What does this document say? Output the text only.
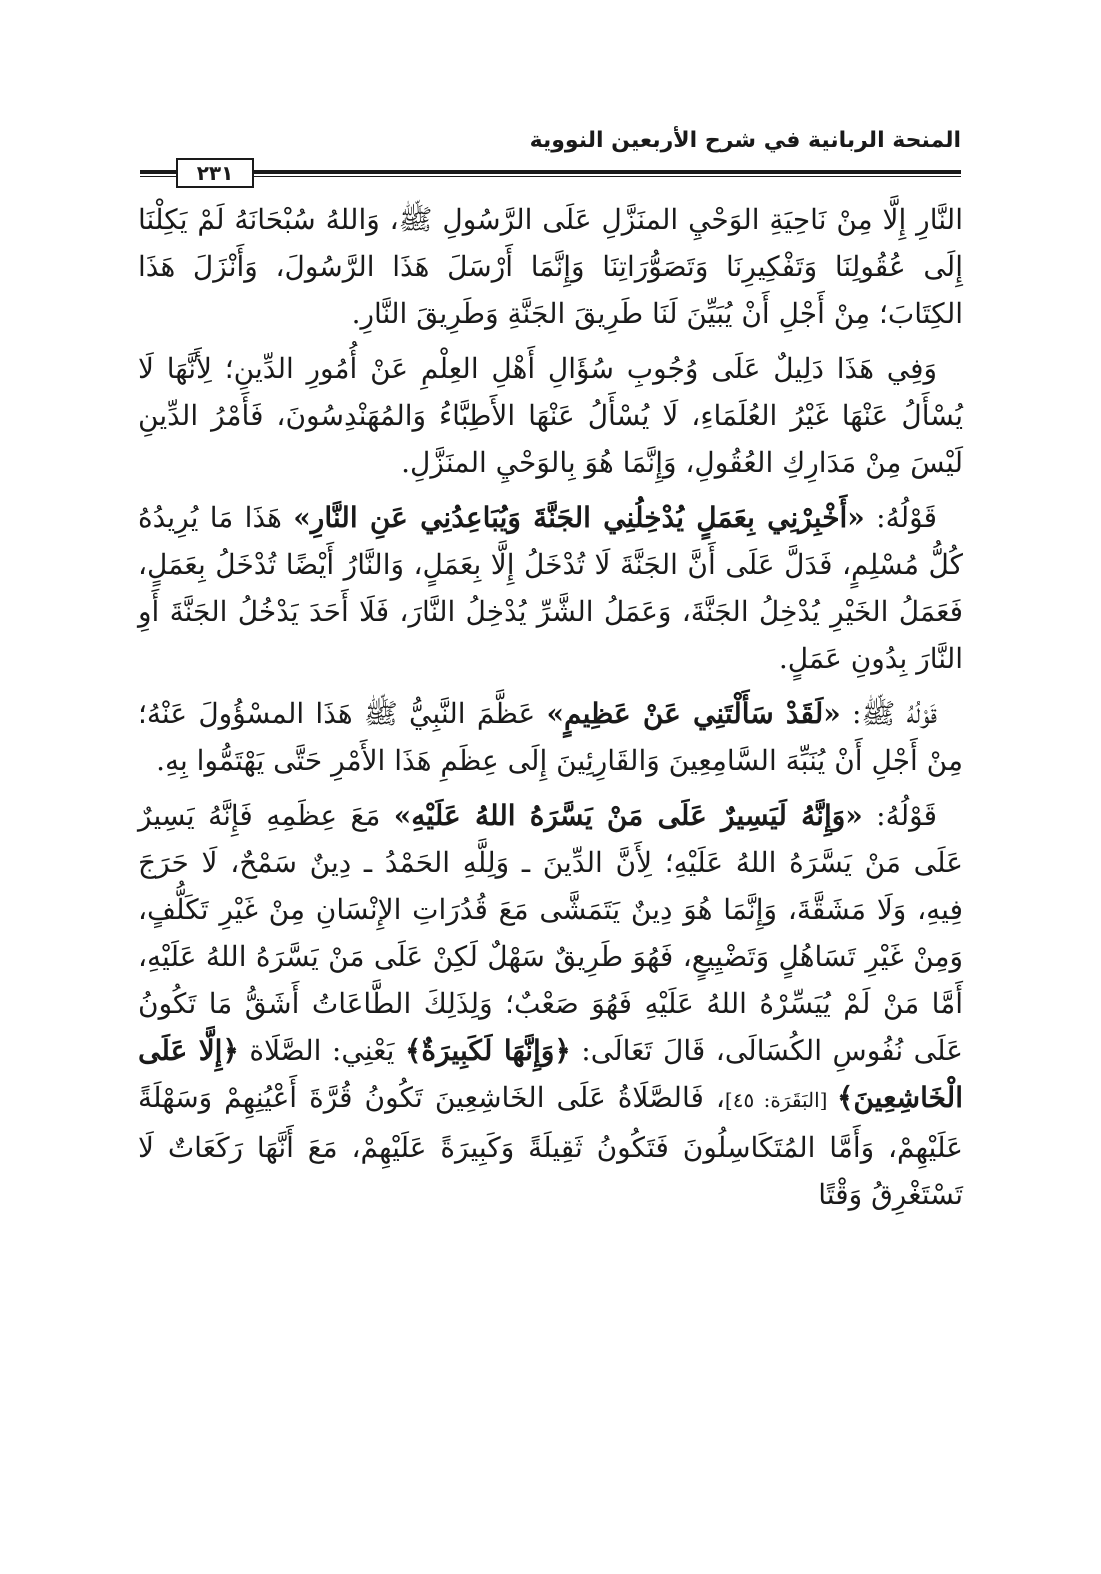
المنحة الربانية في شرح الأربعين النووية
٢٣١

النَّارِ إِلَّا مِنْ نَاحِيَةِ الوَحْيِ المنَزَّلِ عَلَى الرَّسُولِ ﷺ، وَاللهُ سُبْحَانَهُ لَمْ يَكِلْنَا إِلَى عُقُولِنَا وَتَفْكِيرِنَا وَتَصَوُّرَاتِنَا وَإِنَّمَا أَرْسَلَ هَذَا الرَّسُولَ، وَأَنْزَلَ هَذَا الكِتَابَ؛ مِنْ أَجْلِ أَنْ يُبَيِّنَ لَنَا طَرِيقَ الجَنَّةِ وَطَرِيقَ النَّارِ.

وَفِي هَذَا دَلِيلٌ عَلَى وُجُوبِ سُؤَالِ أَهْلِ العِلْمِ عَنْ أُمُورِ الدِّينِ؛ لِأَنَّهَا لَا يُسْأَلُ عَنْهَا غَيْرُ العُلَمَاءِ، لَا يُسْأَلُ عَنْهَا الأَطِبَّاءُ وَالمُهَنْدِسُونَ، فَأَمْرُ الدِّينِ لَيْسَ مِنْ مَدَارِكِ العُقُولِ، وَإِنَّمَا هُوَ بِالوَحْيِ المنَزَّلِ.

قَوْلُهُ: «أَخْبِرْنِي بِعَمَلٍ يُدْخِلُنِي الجَنَّةَ وَيُبَاعِدُنِي عَنِ النَّارِ» هَذَا مَا يُرِيدُهُ كُلُّ مُسْلِمٍ، فَدَلَّ عَلَى أَنَّ الجَنَّةَ لَا تُدْخَلُ إِلَّا بِعَمَلٍ، وَالنَّارُ أَيْضًا تُدْخَلُ بِعَمَلٍ، فَعَمَلُ الخَيْرِ يُدْخِلُ الجَنَّةَ، وَعَمَلُ الشَّرِّ يُدْخِلُ النَّارَ، فَلَا أَحَدَ يَدْخُلُ الجَنَّةَ أَوِ النَّارَ بِدُونِ عَمَلٍ.

قَوْلُهُ ﷺ: «لَقَدْ سَأَلْتَنِي عَنْ عَظِيمٍ» عَظَّمَ النَّبِيُّ ﷺ هَذَا المسْؤُولَ عَنْهُ؛ مِنْ أَجْلِ أَنْ يُنَبِّهَ السَّامِعِينَ وَالقَارِئِينَ إِلَى عِظَمِ هَذَا الأَمْرِ حَتَّى يَهْتَمُّوا بِهِ.

قَوْلُهُ: «وَإِنَّهُ لَيَسِيرٌ عَلَى مَنْ يَسَّرَهُ اللهُ عَلَيْهِ» مَعَ عِظَمِهِ فَإِنَّهُ يَسِيرٌ عَلَى مَنْ يَسَّرَهُ اللهُ عَلَيْهِ؛ لِأَنَّ الدِّينَ ـ وَلِلَّهِ الحَمْدُ ـ دِينٌ سَمْحٌ، لَا حَرَجَ فِيهِ، وَلَا مَشَقَّةَ، وَإِنَّمَا هُوَ دِينٌ يَتَمَشَّى مَعَ قُدُرَاتِ الإِنْسَانِ مِنْ غَيْرِ تَكَلُّفٍ، وَمِنْ غَيْرِ تَسَاهُلٍ وَتَضْيِيعٍ، فَهُوَ طَرِيقٌ سَهْلٌ لَكِنْ عَلَى مَنْ يَسَّرَهُ اللهُ عَلَيْهِ، أَمَّا مَنْ لَمْ يُيَسِّرْهُ اللهُ عَلَيْهِ فَهُوَ صَعْبٌ؛ وَلِذَلِكَ الطَّاعَاتُ أَشَقُّ مَا تَكُونُ عَلَى نُفُوسِ الكُسَالَى، قَالَ تَعَالَى: ﴿وَإِنَّهَا لَكَبِيرَةٌ﴾ يَعْنِي: الصَّلَاة ﴿إِلَّا عَلَى الْخَاشِعِينَ﴾ [البَقَرَة: ٤٥]، فَالصَّلَاةُ عَلَى الخَاشِعِينَ تَكُونُ قُرَّةَ أَعْيُنِهِمْ وَسَهْلَةً عَلَيْهِمْ، وَأَمَّا المُتَكَاسِلُونَ فَتَكُونُ ثَقِيلَةً وَكَبِيرَةً عَلَيْهِمْ، مَعَ أَنَّهَا رَكَعَاتٌ لَا تَسْتَغْرِقُ وَقْتًا
